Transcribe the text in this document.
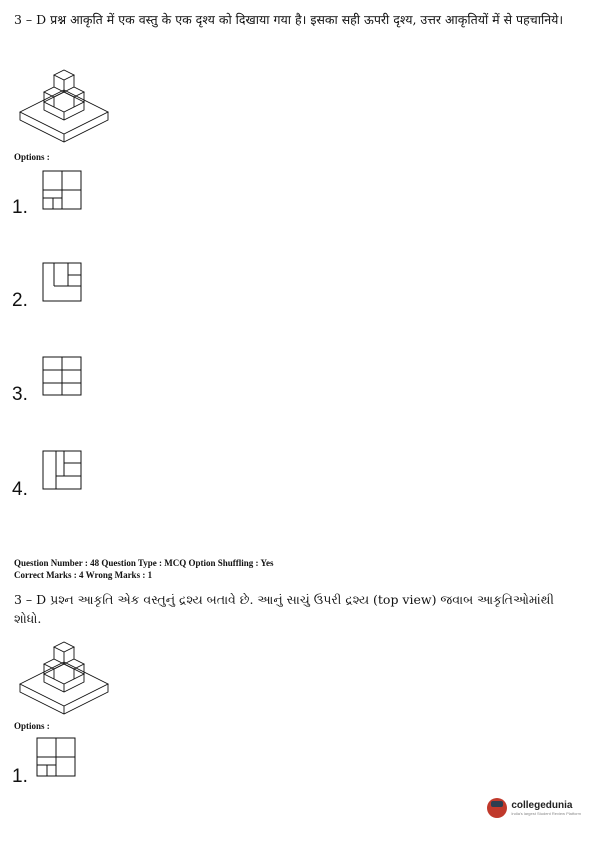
3 – D प्रश्न आकृति में एक वस्तु के एक दृश्य को दिखाया गया है। इसका सही ऊपरी दृश्य, उत्तर आकृतियों में से पहचानिये।
Options :
1.
2.
3.
4.
Question Number : 48 Question Type : MCQ Option Shuffling : Yes
Correct Marks : 4 Wrong Marks : 1
3 – D પ્રશ્ન આકૃતિ એક વસ્તુનું દ્રશ્ય બતાવે છે. આનું સાચું ઉપરી દ્રશ્ય (top view) જવાબ આકૃતિઓમાંથી શોધો.
Options :
1.
collegedunia
India's largest Student Review Platform
